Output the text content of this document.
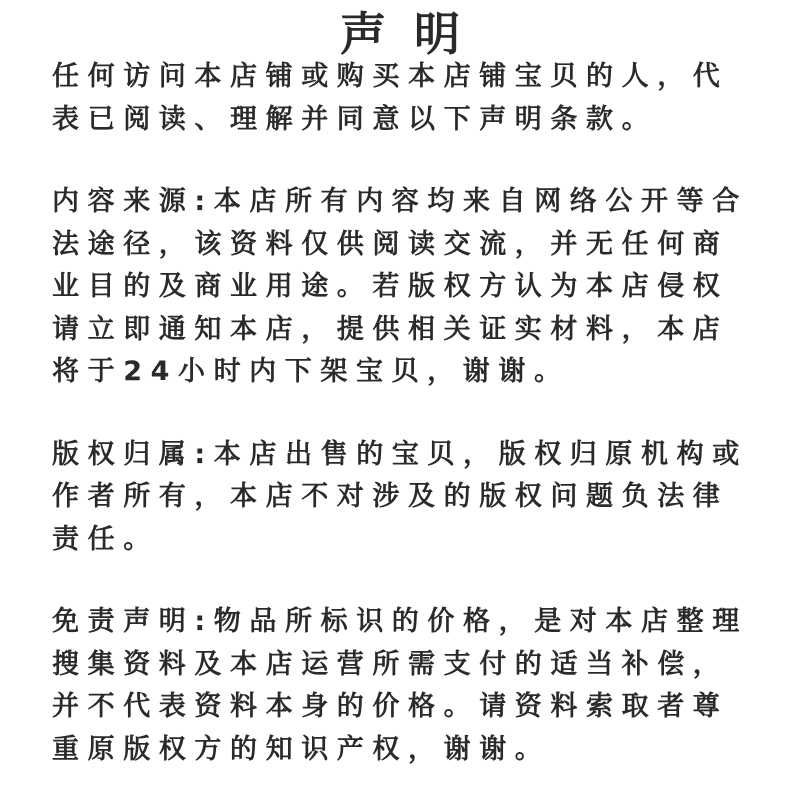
声明
任何访问本店铺或购买本店铺宝贝的人，代
表已阅读、理解并同意以下声明条款。
内容来源:本店所有内容均来自网络公开等合
法途径，该资料仅供阅读交流，并无任何商
业目的及商业用途。若版权方认为本店侵权
请立即通知本店，提供相关证实材料，本店
将于24小时内下架宝贝，谢谢。
版权归属:本店出售的宝贝，版权归原机构或
作者所有，本店不对涉及的版权问题负法律
责任。
免责声明:物品所标识的价格，是对本店整理
搜集资料及本店运营所需支付的适当补偿，
并不代表资料本身的价格。请资料索取者尊
重原版权方的知识产权，谢谢。
